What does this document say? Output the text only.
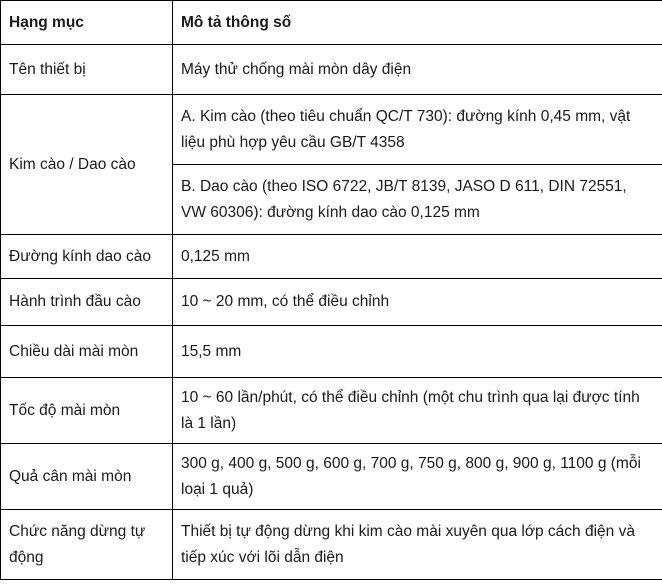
Hạng mục	Mô tả thông số
Tên thiết bị	Máy thử chống mài mòn dây điện
Kim cào / Dao cào	A. Kim cào (theo tiêu chuẩn QC/T 730): đường kính 0,45 mm, vật liệu phù hợp yêu cầu GB/T 4358
	B. Dao cào (theo ISO 6722, JB/T 8139, JASO D 611, DIN 72551, VW 60306): đường kính dao cào 0,125 mm
Đường kính dao cào	0,125 mm
Hành trình đầu cào	10 ~ 20 mm, có thể điều chỉnh
Chiều dài mài mòn	15,5 mm
Tốc độ mài mòn	10 ~ 60 lần/phút, có thể điều chỉnh (một chu trình qua lại được tính là 1 lần)
Quả cân mài mòn	300 g, 400 g, 500 g, 600 g, 700 g, 750 g, 800 g, 900 g, 1100 g (mỗi loại 1 quả)
Chức năng dừng tự động	Thiết bị tự động dừng khi kim cào mài xuyên qua lớp cách điện và tiếp xúc với lõi dẫn điện
